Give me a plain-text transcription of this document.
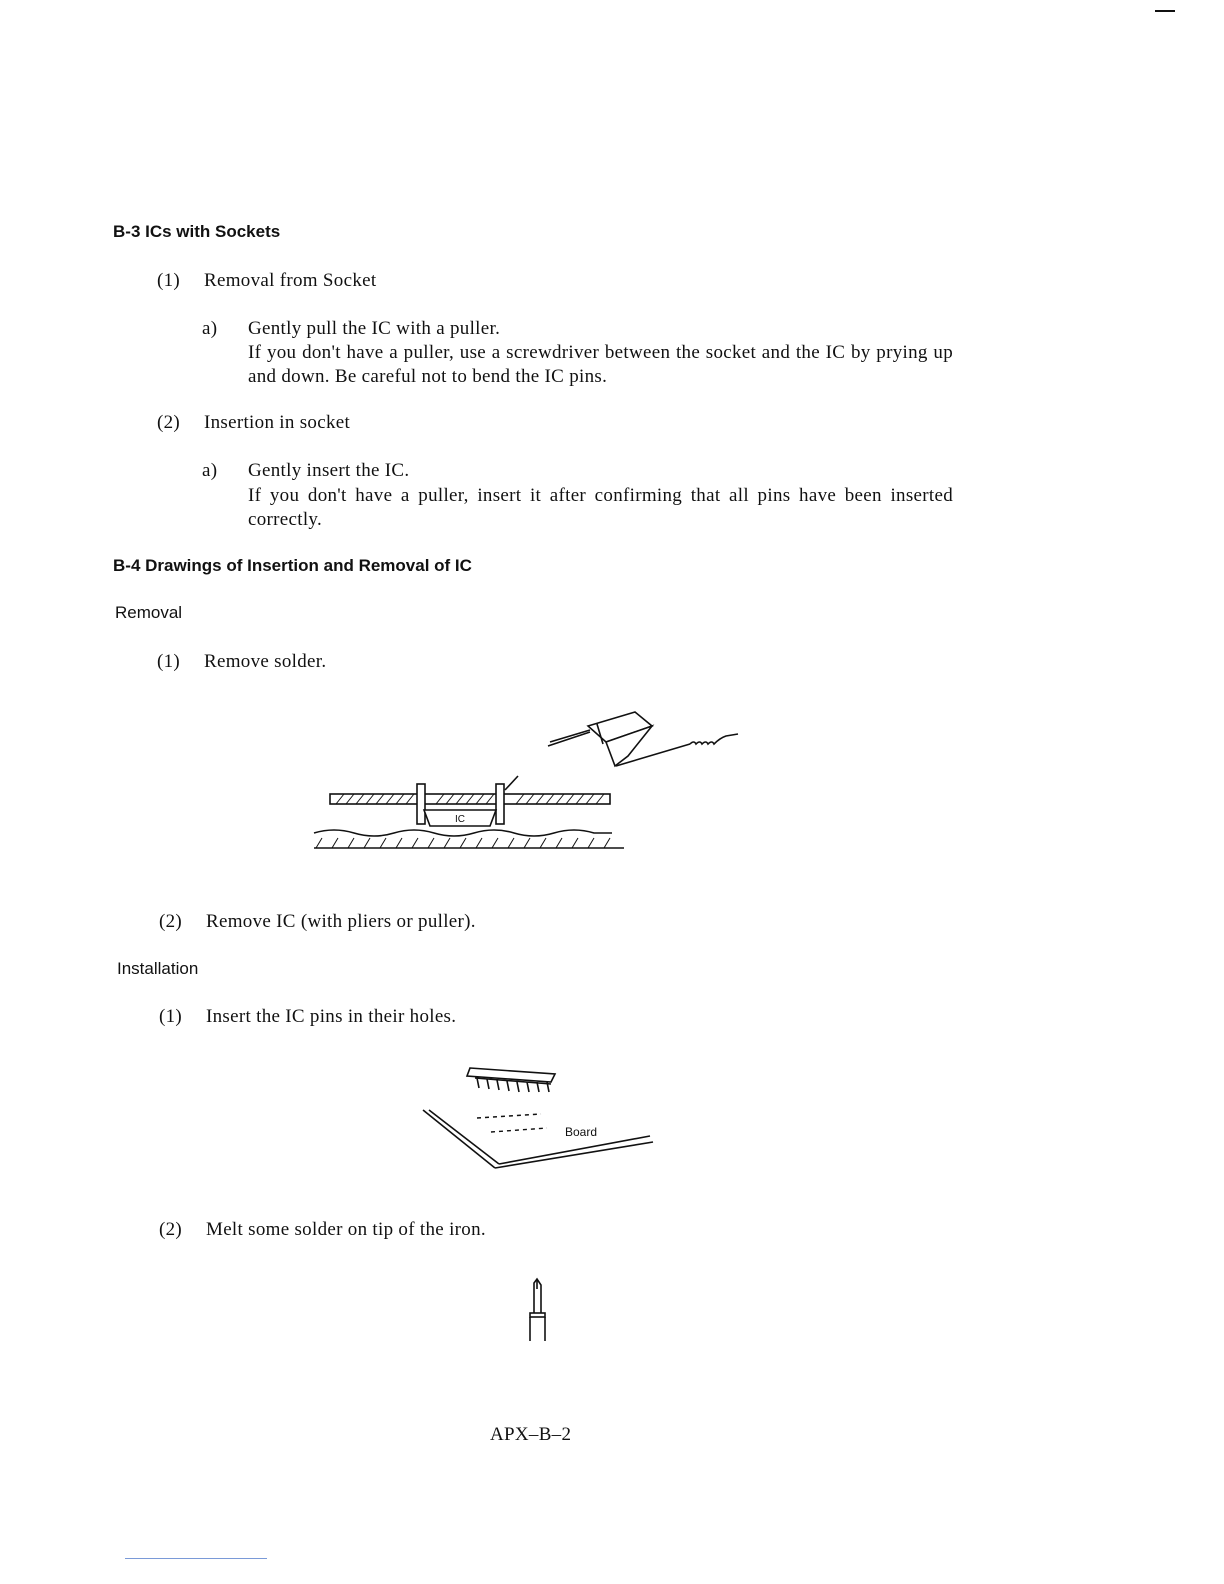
B-3 ICs with Sockets
(1) Removal from Socket
a) Gently pull the IC with a puller.
If you don't have a puller, use a screwdriver between the socket and the IC by prying up and down. Be careful not to bend the IC pins.
(2) Insertion in socket
a) Gently insert the IC.
If you don't have a puller, insert it after confirming that all pins have been inserted correctly.
B-4 Drawings of Insertion and Removal of IC
Removal
(1) Remove solder.
IC
(2) Remove IC (with pliers or puller).
Installation
(1) Insert the IC pins in their holes.
Board
(2) Melt some solder on tip of the iron.
APX–B–2
